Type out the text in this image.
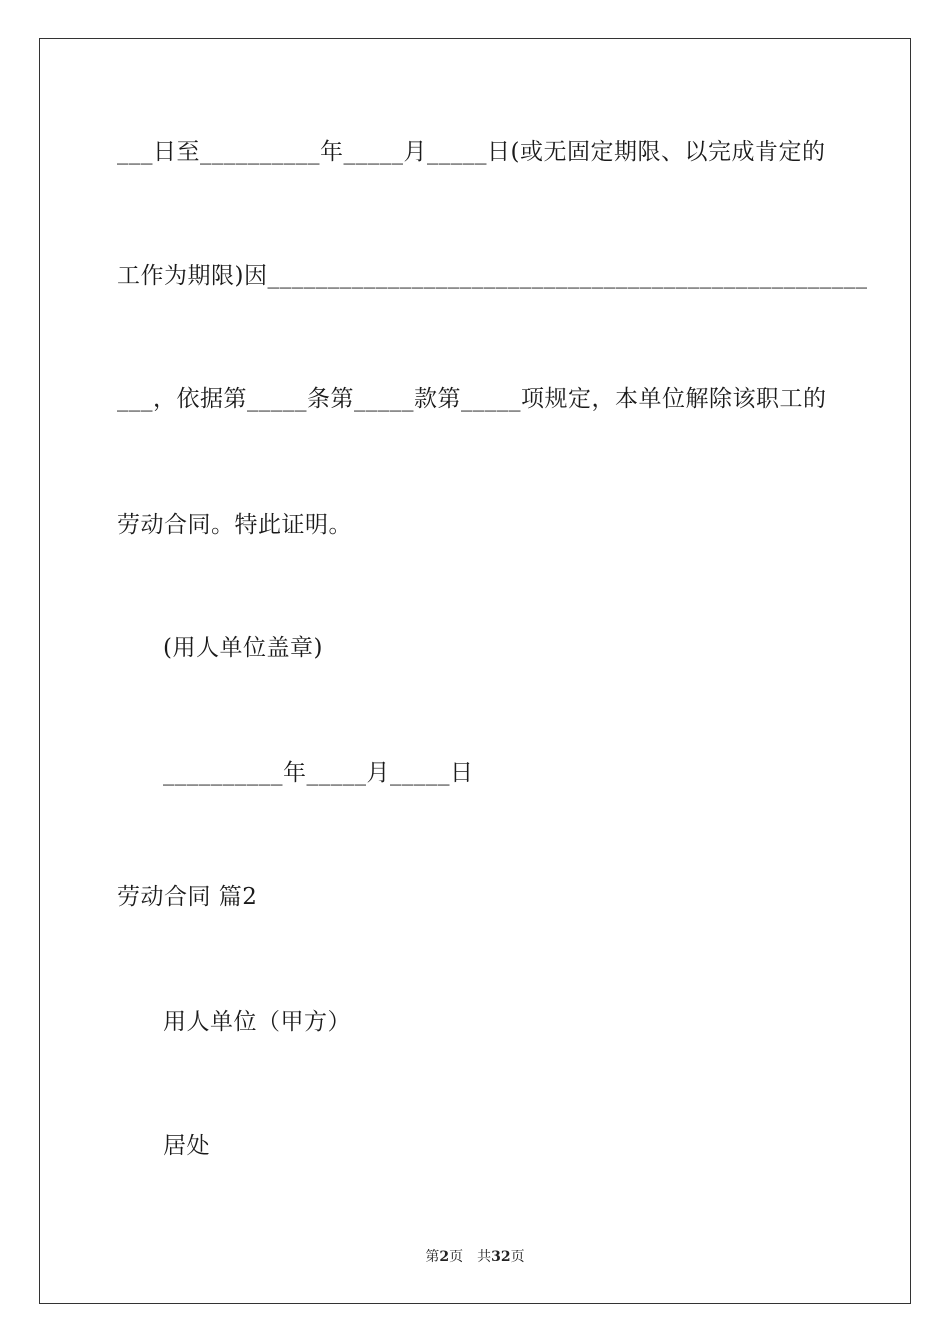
___日至__________年_____月_____日(或无固定期限、以完成肯定的
工作为期限)因__________________________________________________
___，依据第_____条第_____款第_____项规定，本单位解除该职工的
劳动合同。特此证明。
(用人单位盖章)
__________年_____月_____日
劳动合同 篇2
用人单位（甲方）
居处
第2页　共32页
